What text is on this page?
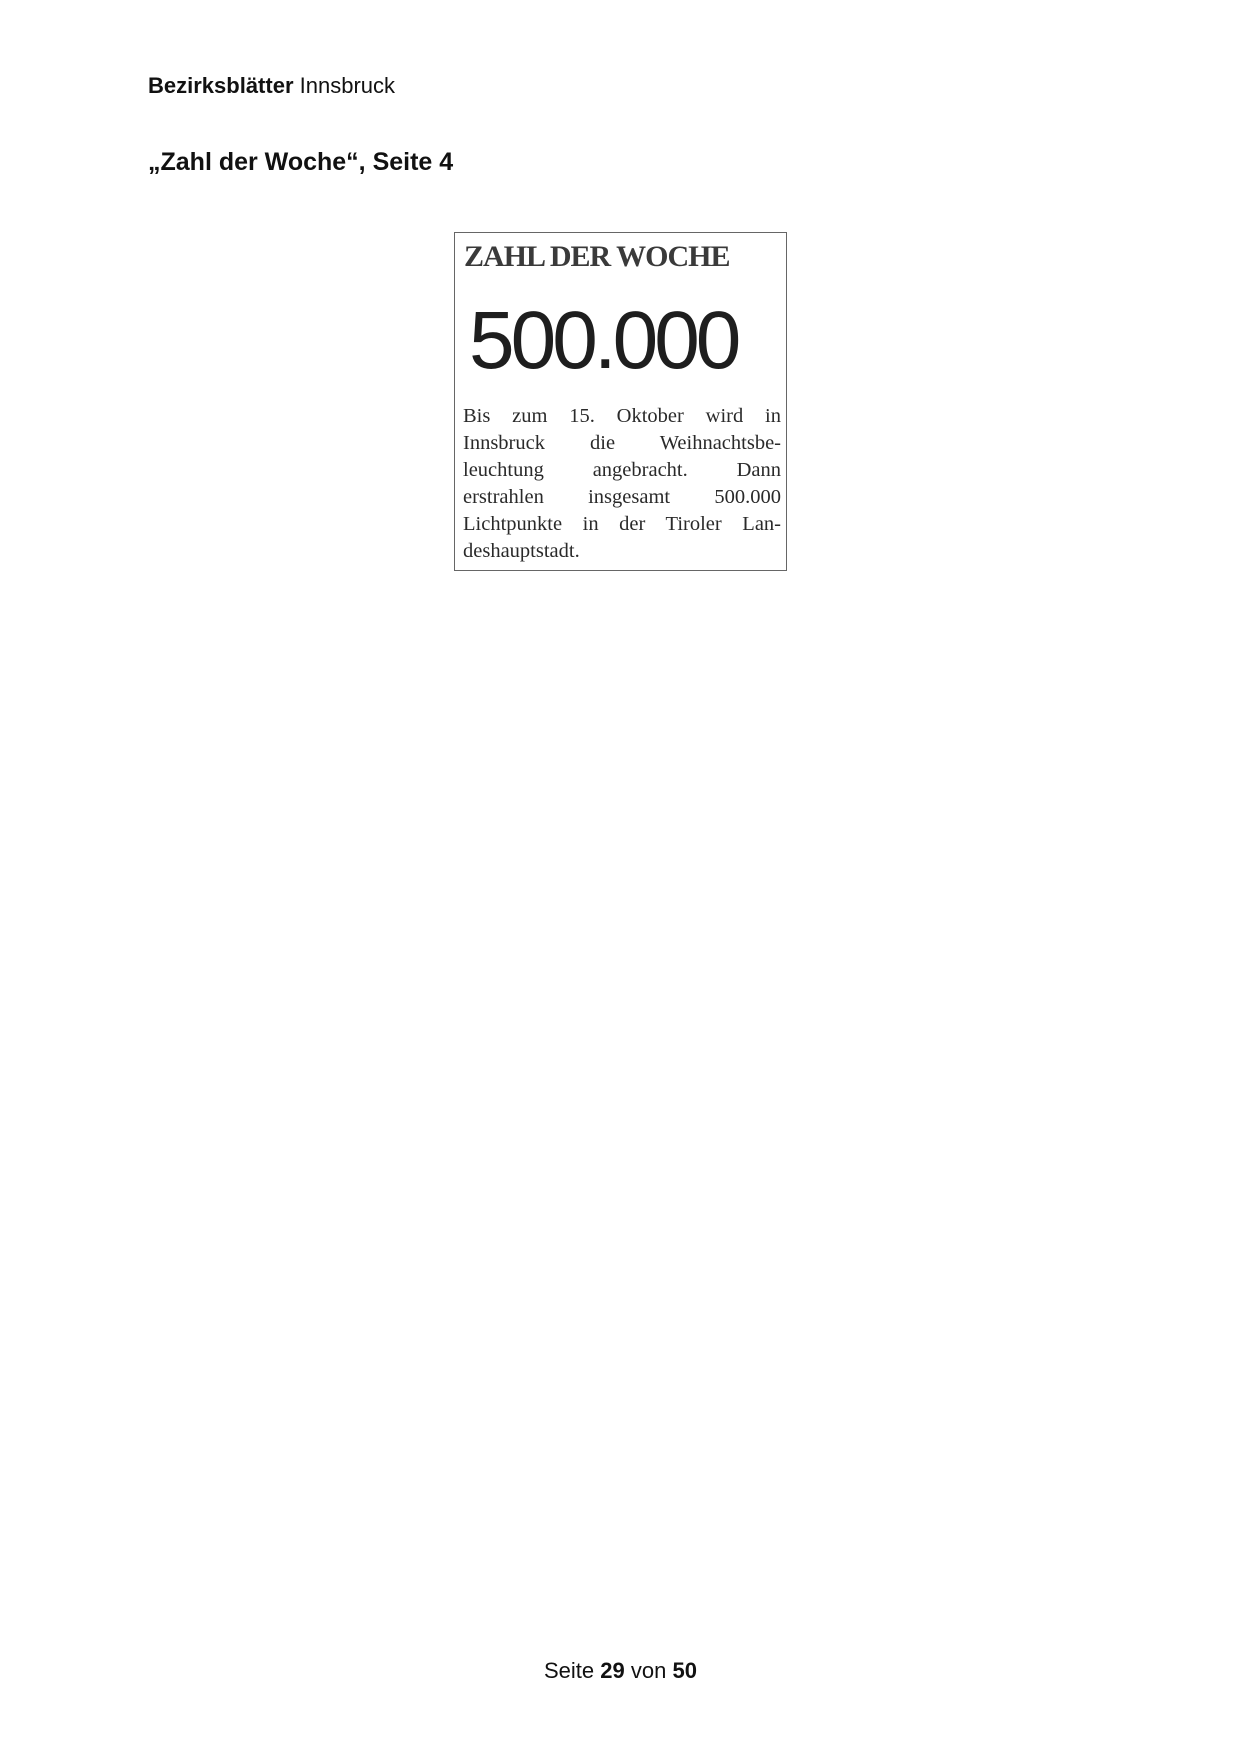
Bezirksblätter Innsbruck
„Zahl der Woche“, Seite 4
ZAHL DER WOCHE
500.000
Bis zum 15. Oktober wird in
Innsbruck die Weihnachtsbe-
leuchtung angebracht. Dann
erstrahlen insgesamt 500.000
Lichtpunkte in der Tiroler Lan-
deshauptstadt.
Seite 29 von 50
